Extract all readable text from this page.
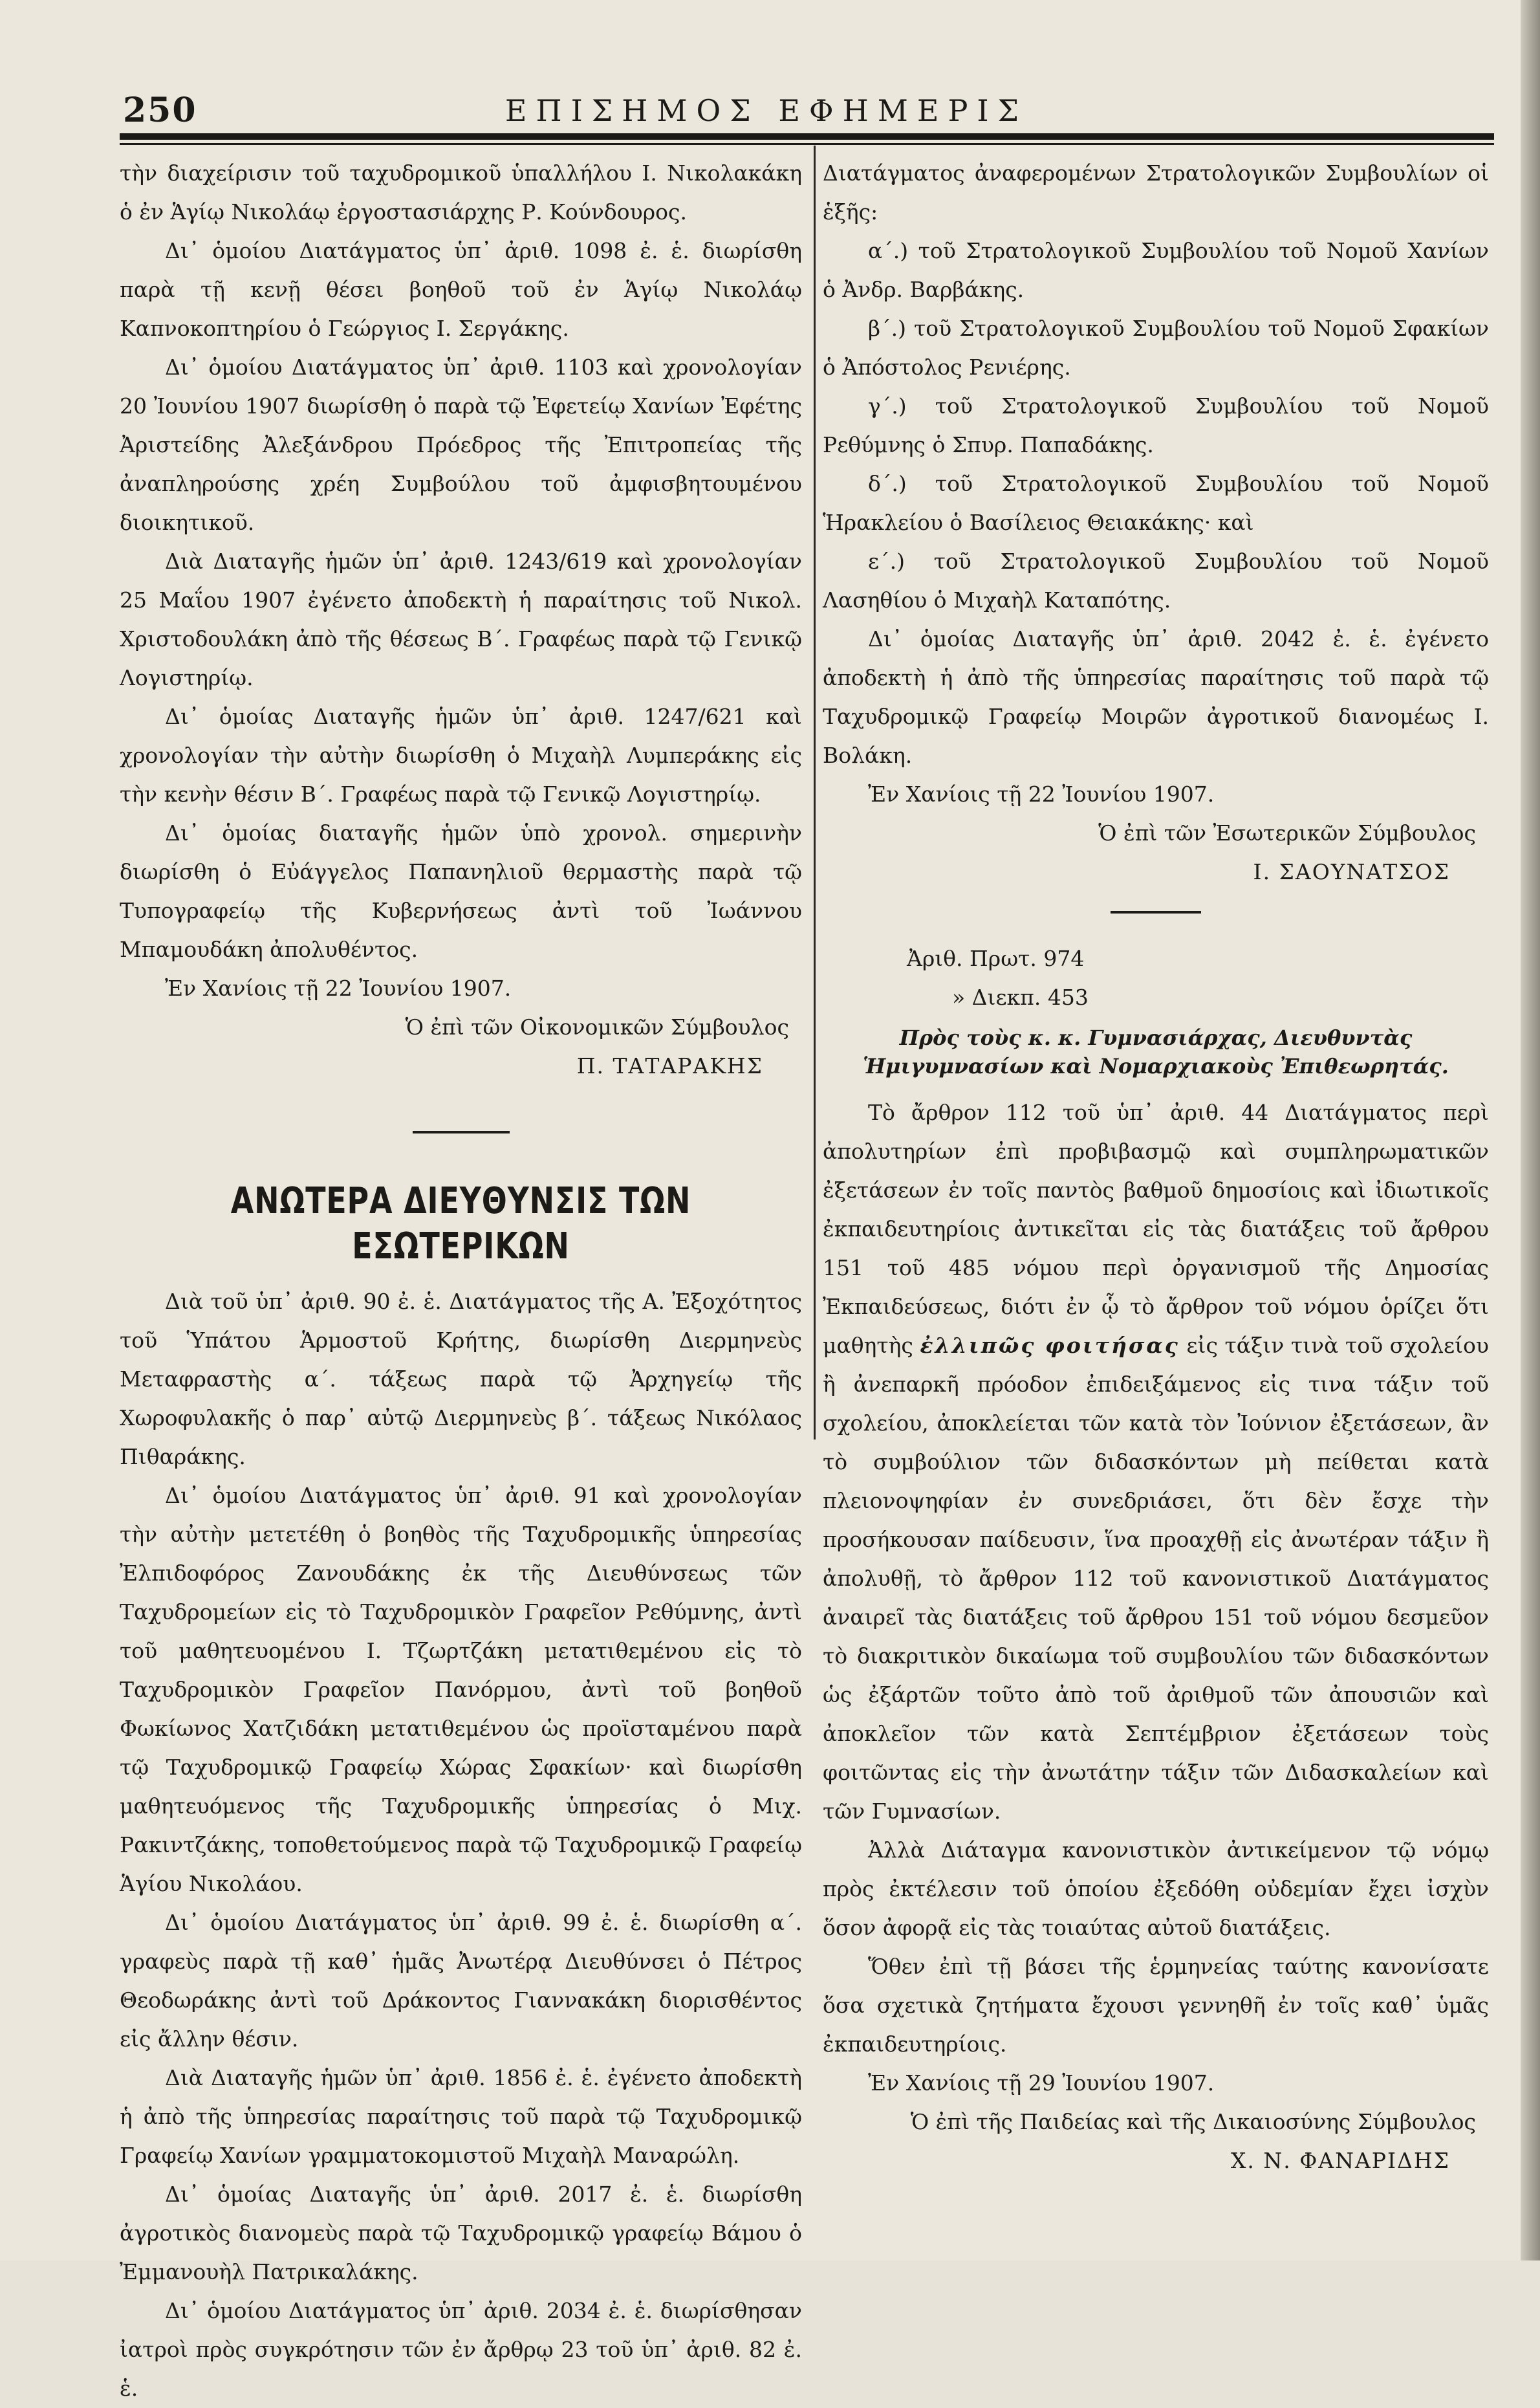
250	ΕΠΙΣΗΜΟΣ ΕΦΗΜΕΡΙΣ

τὴν διαχείρισιν τοῦ ταχυδρομικοῦ ὑπαλλήλου Ι. Νικολακάκη ὁ ἐν Ἁγίῳ Νικολάῳ ἐργοστασιάρχης Ρ. Κούνδουρος.

Δι᾽ ὁμοίου Διατάγματος ὑπ᾽ ἀριθ. 1098 ἐ. ἑ. διωρίσθη παρὰ τῇ κενῇ θέσει βοηθοῦ τοῦ ἐν Ἁγίῳ Νικολάῳ Καπνοκοπτηρίου ὁ Γεώργιος Ι. Σεργάκης.

Δι᾽ ὁμοίου Διατάγματος ὑπ᾽ ἀριθ. 1103 καὶ χρονολογίαν 20 Ἰουνίου 1907 διωρίσθη ὁ παρὰ τῷ Ἐφετείῳ Χανίων Ἐφέτης Ἀριστείδης Ἀλεξάνδρου Πρόεδρος τῆς Ἐπιτροπείας τῆς ἀναπληρούσης χρέη Συμβούλου τοῦ ἀμφισβητουμένου διοικητικοῦ.

Διὰ Διαταγῆς ἡμῶν ὑπ᾽ ἀριθ. 1243/619 καὶ χρονολογίαν 25 Μαΐου 1907 ἐγένετο ἀποδεκτὴ ἡ παραίτησις τοῦ Νικολ. Χριστοδουλάκη ἀπὸ τῆς θέσεως Β΄. Γραφέως παρὰ τῷ Γενικῷ Λογιστηρίῳ.

Δι᾽ ὁμοίας Διαταγῆς ἡμῶν ὑπ᾽ ἀριθ. 1247/621 καὶ χρονολογίαν τὴν αὐτὴν διωρίσθη ὁ Μιχαὴλ Λυμπεράκης εἰς τὴν κενὴν θέσιν Β΄. Γραφέως παρὰ τῷ Γενικῷ Λογιστηρίῳ.

Δι᾽ ὁμοίας διαταγῆς ἡμῶν ὑπὸ χρονολ. σημερινὴν διωρίσθη ὁ Εὐάγγελος Παπανηλιοῦ θερμαστὴς παρὰ τῷ Τυπογραφείῳ τῆς Κυβερνήσεως ἀντὶ τοῦ Ἰωάννου Μπαμουδάκη ἀπολυθέντος.

Ἐν Χανίοις τῇ 22 Ἰουνίου 1907.

Ὁ ἐπὶ τῶν Οἰκονομικῶν Σύμβουλος

Π. ΤΑΤΑΡΑΚΗΣ

ΑΝΩΤΕΡΑ ΔΙΕΥΘΥΝΣΙΣ ΤΩΝ ΕΣΩΤΕΡΙΚΩΝ

Διὰ τοῦ ὑπ᾽ ἀριθ. 90 ἐ. ἑ. Διατάγματος τῆς Α. Ἐξοχότητος τοῦ Ὑπάτου Ἁρμοστοῦ Κρήτης, διωρίσθη Διερμηνεὺς Μεταφραστὴς α΄. τάξεως παρὰ τῷ Ἀρχηγείῳ τῆς Χωροφυλακῆς ὁ παρ᾽ αὐτῷ Διερμηνεὺς β΄. τάξεως Νικόλαος Πιθαράκης.

Δι᾽ ὁμοίου Διατάγματος ὑπ᾽ ἀριθ. 91 καὶ χρονολογίαν τὴν αὐτὴν μετετέθη ὁ βοηθὸς τῆς Ταχυδρομικῆς ὑπηρεσίας Ἐλπιδοφόρος Ζανουδάκης ἐκ τῆς Διευθύνσεως τῶν Ταχυδρομείων εἰς τὸ Ταχυδρομικὸν Γραφεῖον Ρεθύμνης, ἀντὶ τοῦ μαθητευομένου Ι. Τζωρτζάκη μετατιθεμένου εἰς τὸ Ταχυδρομικὸν Γραφεῖον Πανόρμου, ἀντὶ τοῦ βοηθοῦ Φωκίωνος Χατζιδάκη μετατιθεμένου ὡς προϊσταμένου παρὰ τῷ Ταχυδρομικῷ Γραφείῳ Χώρας Σφακίων· καὶ διωρίσθη μαθητευόμενος τῆς Ταχυδρομικῆς ὑπηρεσίας ὁ Μιχ. Ρακιντζάκης, τοποθετούμενος παρὰ τῷ Ταχυδρομικῷ Γραφείῳ Ἁγίου Νικολάου.

Δι᾽ ὁμοίου Διατάγματος ὑπ᾽ ἀριθ. 99 ἐ. ἑ. διωρίσθη α΄. γραφεὺς παρὰ τῇ καθ᾽ ἡμᾶς Ἀνωτέρᾳ Διευθύνσει ὁ Πέτρος Θεοδωράκης ἀντὶ τοῦ Δράκοντος Γιαννακάκη διορισθέντος εἰς ἄλλην θέσιν.

Διὰ Διαταγῆς ἡμῶν ὑπ᾽ ἀριθ. 1856 ἐ. ἑ. ἐγένετο ἀποδεκτὴ ἡ ἀπὸ τῆς ὑπηρεσίας παραίτησις τοῦ παρὰ τῷ Ταχυδρομικῷ Γραφείῳ Χανίων γραμματοκομιστοῦ Μιχαὴλ Μαναρώλη.

Δι᾽ ὁμοίας Διαταγῆς ὑπ᾽ ἀριθ. 2017 ἐ. ἑ. διωρίσθη ἀγροτικὸς διανομεὺς παρὰ τῷ Ταχυδρομικῷ γραφείῳ Βάμου ὁ Ἐμμανουὴλ Πατρικαλάκης.

Δι᾽ ὁμοίου Διατάγματος ὑπ᾽ ἀριθ. 2034 ἐ. ἑ. διωρίσθησαν ἰατροὶ πρὸς συγκρότησιν τῶν ἐν ἄρθρῳ 23 τοῦ ὑπ᾽ ἀριθ. 82 ἐ. ἑ.

Διατάγματος ἀναφερομένων Στρατολογικῶν Συμβουλίων οἱ ἑξῆς:

α΄.) τοῦ Στρατολογικοῦ Συμβουλίου τοῦ Νομοῦ Χανίων ὁ Ἀνδρ. Βαρβάκης.

β΄.) τοῦ Στρατολογικοῦ Συμβουλίου τοῦ Νομοῦ Σφακίων ὁ Ἀπόστολος Ρενιέρης.

γ΄.) τοῦ Στρατολογικοῦ Συμβουλίου τοῦ Νομοῦ Ρεθύμνης ὁ Σπυρ. Παπαδάκης.

δ΄.) τοῦ Στρατολογικοῦ Συμβουλίου τοῦ Νομοῦ Ἡρακλείου ὁ Βασίλειος Θειακάκης· καὶ

ε΄.) τοῦ Στρατολογικοῦ Συμβουλίου τοῦ Νομοῦ Λασηθίου ὁ Μιχαὴλ Καταπότης.

Δι᾽ ὁμοίας Διαταγῆς ὑπ᾽ ἀριθ. 2042 ἐ. ἑ. ἐγένετο ἀποδεκτὴ ἡ ἀπὸ τῆς ὑπηρεσίας παραίτησις τοῦ παρὰ τῷ Ταχυδρομικῷ Γραφείῳ Μοιρῶν ἀγροτικοῦ διανομέως Ι. Βολάκη.

Ἐν Χανίοις τῇ 22 Ἰουνίου 1907.

Ὁ ἐπὶ τῶν Ἐσωτερικῶν Σύμβουλος

Ι. ΣΑΟΥΝΑΤΣΟΣ

Ἀριθ. Πρωτ. 974

» Διεκπ. 453

Πρὸς τοὺς κ. κ. Γυμνασιάρχας, Διευθυντὰς Ἡμιγυμνασίων καὶ Νομαρχιακοὺς Ἐπιθεωρητάς.

Τὸ ἄρθρον 112 τοῦ ὑπ᾽ ἀριθ. 44 Διατάγματος περὶ ἀπολυτηρίων ἐπὶ προβιβασμῷ καὶ συμπληρωματικῶν ἐξετάσεων ἐν τοῖς παντὸς βαθμοῦ δημοσίοις καὶ ἰδιωτικοῖς ἐκπαιδευτηρίοις ἀντικεῖται εἰς τὰς διατάξεις τοῦ ἄρθρου 151 τοῦ 485 νόμου περὶ ὀργανισμοῦ τῆς Δημοσίας Ἐκπαιδεύσεως, διότι ἐν ᾧ τὸ ἄρθρον τοῦ νόμου ὁρίζει ὅτι μαθητὴς ἐλλιπῶς φοιτήσας εἰς τάξιν τινὰ τοῦ σχολείου ἢ ἀνεπαρκῆ πρόοδον ἐπιδειξάμενος εἰς τινα τάξιν τοῦ σχολείου, ἀποκλείεται τῶν κατὰ τὸν Ἰούνιον ἐξετάσεων, ἂν τὸ συμβούλιον τῶν διδασκόντων μὴ πείθεται κατὰ πλειονοψηφίαν ἐν συνεδριάσει, ὅτι δὲν ἔσχε τὴν προσήκουσαν παίδευσιν, ἵνα προαχθῇ εἰς ἀνωτέραν τάξιν ἢ ἀπολυθῇ, τὸ ἄρθρον 112 τοῦ κανονιστικοῦ Διατάγματος ἀναιρεῖ τὰς διατάξεις τοῦ ἄρθρου 151 τοῦ νόμου δεσμεῦον τὸ διακριτικὸν δικαίωμα τοῦ συμβουλίου τῶν διδασκόντων ὡς ἐξάρτῶν τοῦτο ἀπὸ τοῦ ἀριθμοῦ τῶν ἀπουσιῶν καὶ ἀποκλεῖον τῶν κατὰ Σεπτέμβριον ἐξετάσεων τοὺς φοιτῶντας εἰς τὴν ἀνωτάτην τάξιν τῶν Διδασκαλείων καὶ τῶν Γυμνασίων.

Ἀλλὰ Διάταγμα κανονιστικὸν ἀντικείμενον τῷ νόμῳ πρὸς ἐκτέλεσιν τοῦ ὁποίου ἐξεδόθη οὐδεμίαν ἔχει ἰσχὺν ὅσον ἀφορᾷ εἰς τὰς τοιαύτας αὐτοῦ διατάξεις.

Ὅθεν ἐπὶ τῇ βάσει τῆς ἑρμηνείας ταύτης κανονίσατε ὅσα σχετικὰ ζητήματα ἔχουσι γεννηθῆ ἐν τοῖς καθ᾽ ὑμᾶς ἐκπαιδευτηρίοις.

Ἐν Χανίοις τῇ 29 Ἰουνίου 1907.

Ὁ ἐπὶ τῆς Παιδείας καὶ τῆς Δικαιοσύνης Σύμβουλος

Χ. Ν. ΦΑΝΑΡΙΔΗΣ
